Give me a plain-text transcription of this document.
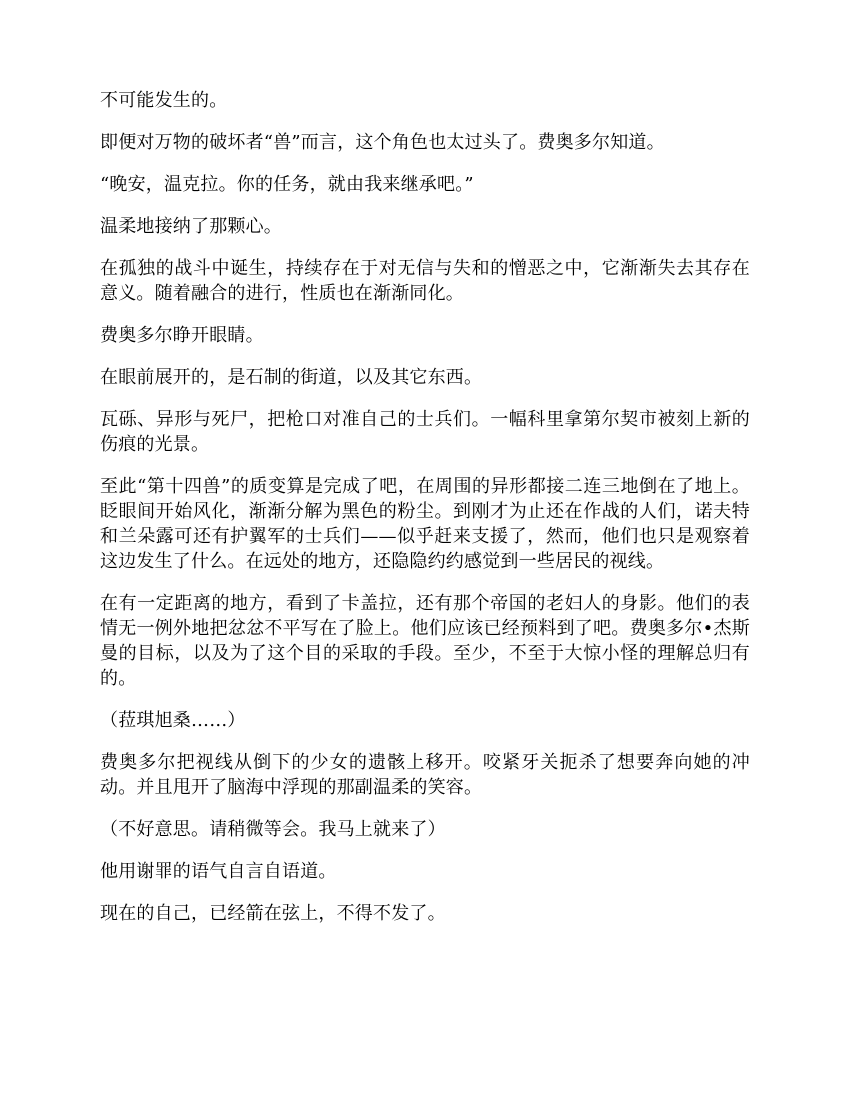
不可能发生的。

即便对万物的破坏者“兽”而言，这个角色也太过头了。费奥多尔知道。

“晚安，温克拉。你的任务，就由我来继承吧。”

温柔地接纳了那颗心。

在孤独的战斗中诞生，持续存在于对无信与失和的憎恶之中，它渐渐失去其存在意义。随着融合的进行，性质也在渐渐同化。

费奥多尔睁开眼睛。

在眼前展开的，是石制的街道，以及其它东西。

瓦砾、异形与死尸，把枪口对准自己的士兵们。一幅科里拿第尔契市被刻上新的伤痕的光景。

至此“第十四兽”的质变算是完成了吧，在周围的异形都接二连三地倒在了地上。眨眼间开始风化，渐渐分解为黑色的粉尘。到刚才为止还在作战的人们，诺夫特和兰朵露可还有护翼军的士兵们——似乎赶来支援了，然而，他们也只是观察着这边发生了什么。在远处的地方，还隐隐约约感觉到一些居民的视线。

在有一定距离的地方，看到了卡盖拉，还有那个帝国的老妇人的身影。他们的表情无一例外地把忿忿不平写在了脸上。他们应该已经预料到了吧。费奥多尔•杰斯曼的目标，以及为了这个目的采取的手段。至少，不至于大惊小怪的理解总归有的。

（菈琪旭桑……）

费奥多尔把视线从倒下的少女的遗骸上移开。咬紧牙关扼杀了想要奔向她的冲动。并且甩开了脑海中浮现的那副温柔的笑容。

（不好意思。请稍微等会。我马上就来了）

他用谢罪的语气自言自语道。

现在的自己，已经箭在弦上，不得不发了。
